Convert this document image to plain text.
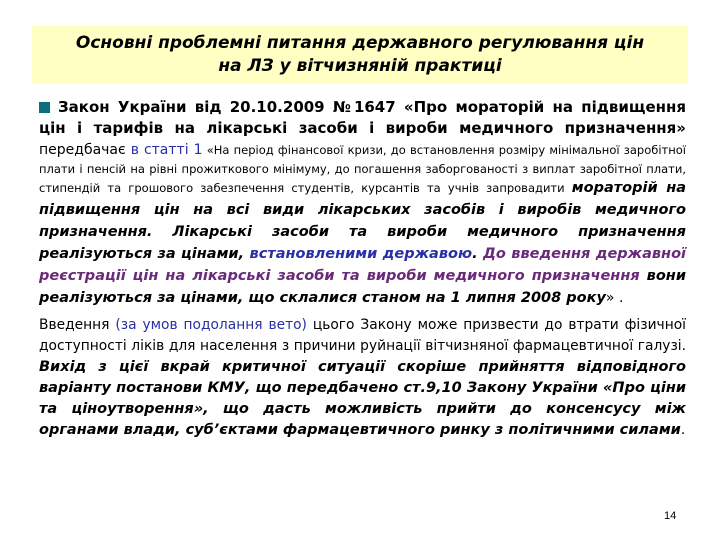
Основні проблемні питання державного регулювання цін
на ЛЗ у вітчизняній практиці
Закон України від 20.10.2009 №1647 «Про мораторій на підвищення цін і тарифів на лікарські засоби і вироби медичного призначення» передбачає в статті 1 «На період фінансової кризи, до встановлення розміру мінімальної заробітної плати і пенсій на рівні прожиткового мінімуму, до погашення заборгованості з виплат заробітної плати, стипендій та грошового забезпечення студентів, курсантів та учнів запровадити мораторій на підвищення цін на всі види лікарських засобів і виробів медичного призначення. Лікарські засоби та вироби медичного призначення реалізуються за цінами, встановленими державою. До введення державної реєстрації цін на лікарські засоби та вироби медичного призначення вони реалізуються за цінами, що склалися станом на 1 липня 2008 року» .
Введення (за умов подолання вето) цього Закону може призвести до втрати фізичної доступності ліків для населення з причини руйнації вітчизняної фармацевтичної галузі. Вихід з цієї вкрай критичної ситуації скоріше прийняття відповідного варіанту постанови КМУ, що передбачено ст.9,10 Закону України «Про ціни та ціноутворення», що дасть можливість прийти до консенсусу між органами влади, суб’єктами фармацевтичного ринку з політичними силами.
14
